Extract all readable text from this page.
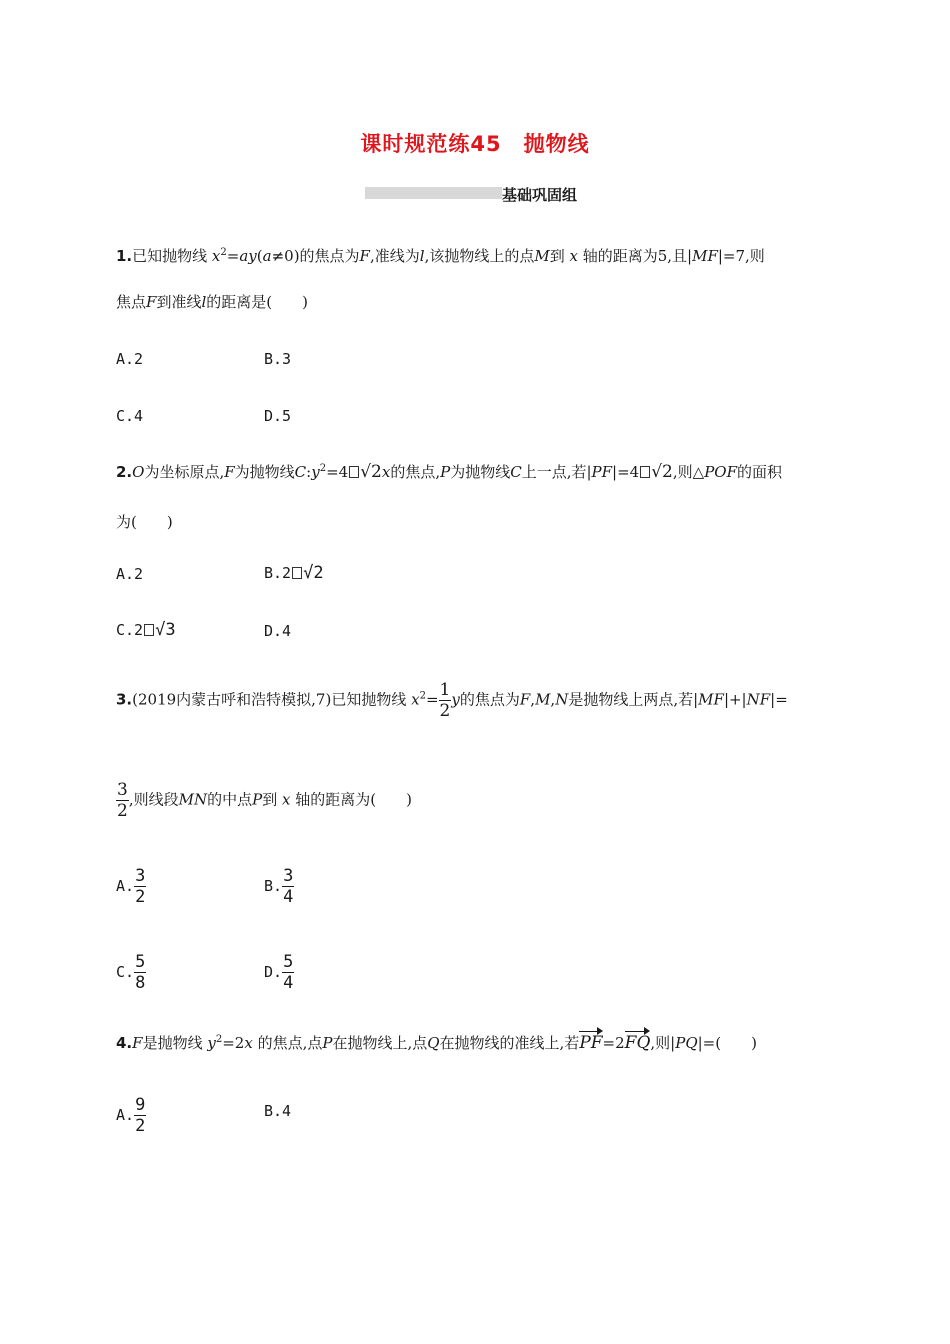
课时规范练45　抛物线
基础巩固组
1.已知抛物线 $x^2=ay(a\ne 0)$的焦点为F,准线为l,该抛物线上的点M到 x 轴的距离为5,且|MF|=7,则
焦点F到准线l的距离是(　　)
A.2	B.3
C.4	D.5
2.O为坐标原点,F为抛物线$C:y^2=4$ √2x的焦点,P为抛物线C上一点,若|PF|=4 √2,则△POF的面积
为(　　)
A.2	B.2 √2
C.2 √3	D.4
3.(2019内蒙古呼和浩特模拟,7)已知抛物线 $x^2= \frac{1}{2}$ y的焦点为F,M,N是抛物线上两点,若|MF|+|NF|=
$\frac{3}{2}$ ,则线段MN的中点P到 x 轴的距离为(　　)
A. $\frac{3}{2}$	B. $\frac{3}{4}$
C. $\frac{5}{8}$	D. $\frac{5}{4}$
4.F是抛物线 $y^2=2x$ 的焦点,点P在抛物线上,点Q在抛物线的准线上,若PF=2FQ,则|PQ|=(　　)
A. $\frac{9}{2}$	B.4
